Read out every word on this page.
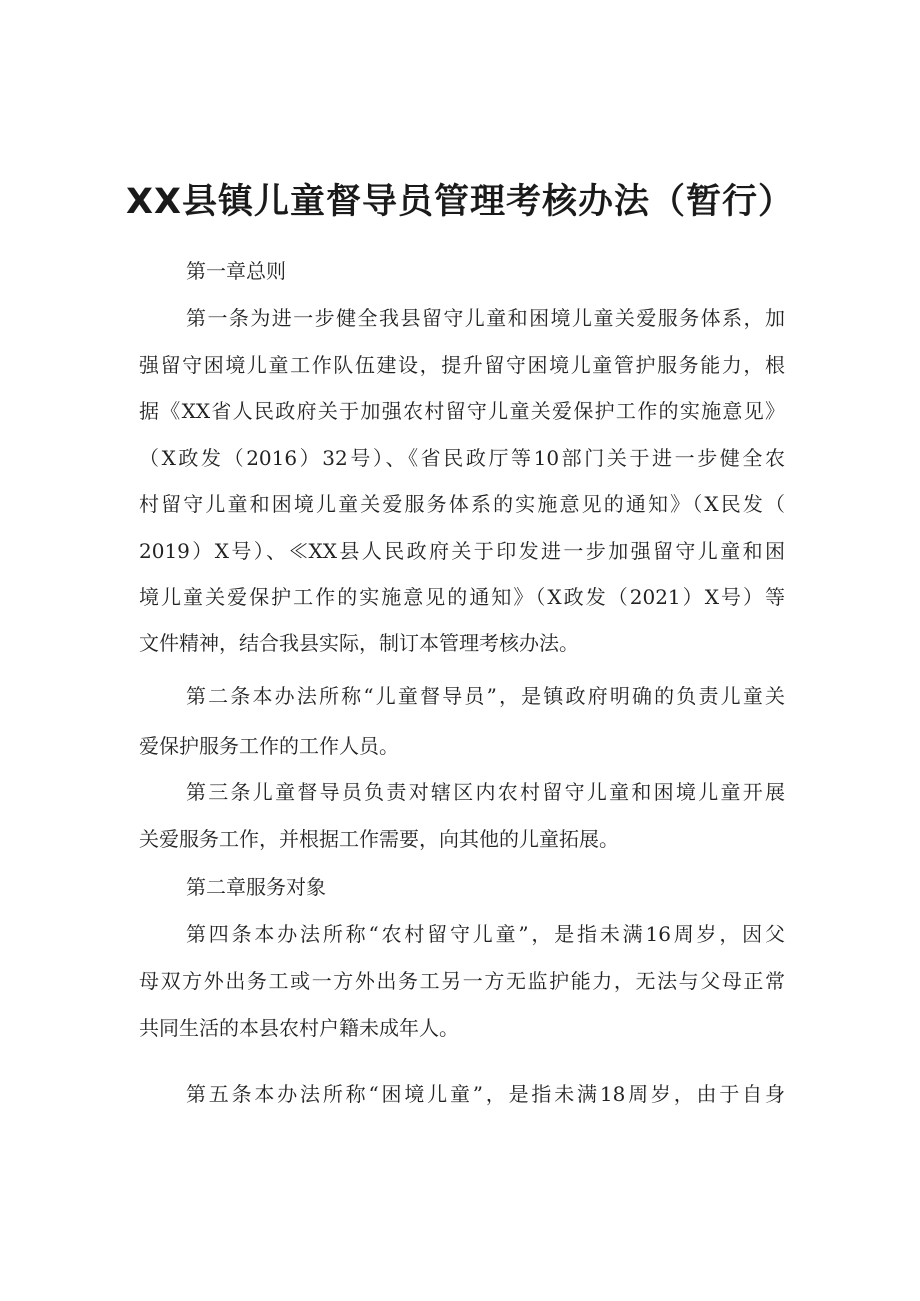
XX县镇儿童督导员管理考核办法（暂行）
第一章总则
第一条为进一步健全我县留守儿童和困境儿童关爱服务体系，加
强留守困境儿童工作队伍建设，提升留守困境儿童管护服务能力，根
据《XX省人民政府关于加强农村留守儿童关爱保护工作的实施意见》
（X政发（2016）32号）、《省民政厅等10部门关于进一步健全农
村留守儿童和困境儿童关爱服务体系的实施意见的通知》（X民发（
2019）X号）、≪XX县人民政府关于印发进一步加强留守儿童和困
境儿童关爱保护工作的实施意见的通知》（X政发（2021）X号）等
文件精神，结合我县实际，制订本管理考核办法。
第二条本办法所称“儿童督导员”，是镇政府明确的负责儿童关
爱保护服务工作的工作人员。
第三条儿童督导员负责对辖区内农村留守儿童和困境儿童开展
关爱服务工作，并根据工作需要，向其他的儿童拓展。
第二章服务对象
第四条本办法所称“农村留守儿童”，是指未满16周岁，因父
母双方外出务工或一方外出务工另一方无监护能力，无法与父母正常
共同生活的本县农村户籍未成年人。
第五条本办法所称“困境儿童”，是指未满18周岁，由于自身
